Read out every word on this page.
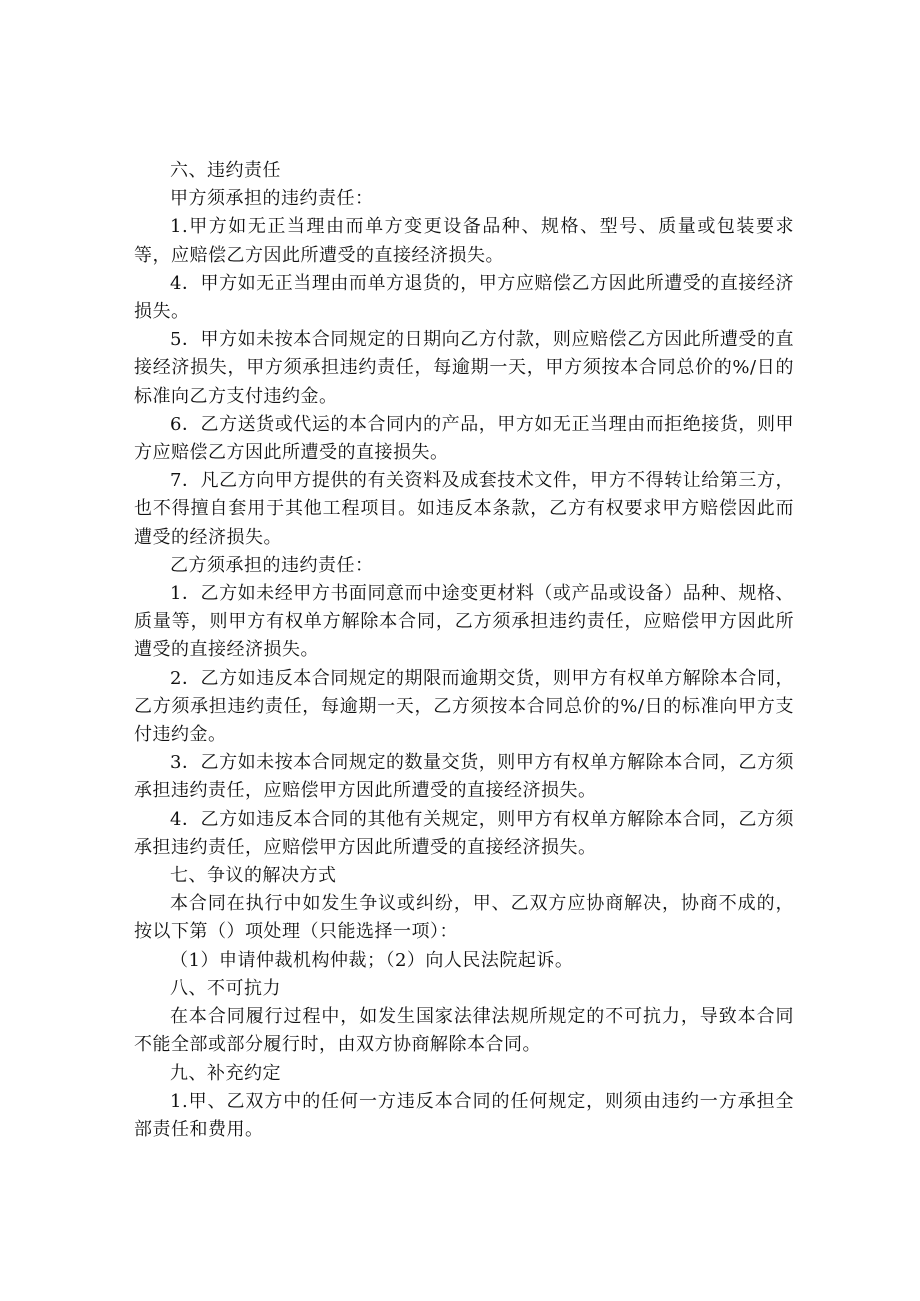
六、违约责任

甲方须承担的违约责任：

1.甲方如无正当理由而单方变更设备品种、规格、型号、质量或包装要求等，应赔偿乙方因此所遭受的直接经济损失。

4．甲方如无正当理由而单方退货的，甲方应赔偿乙方因此所遭受的直接经济损失。

5．甲方如未按本合同规定的日期向乙方付款，则应赔偿乙方因此所遭受的直接经济损失，甲方须承担违约责任，每逾期一天，甲方须按本合同总价的%/日的标准向乙方支付违约金。

6．乙方送货或代运的本合同内的产品，甲方如无正当理由而拒绝接货，则甲方应赔偿乙方因此所遭受的直接损失。

7．凡乙方向甲方提供的有关资料及成套技术文件，甲方不得转让给第三方，也不得擅自套用于其他工程项目。如违反本条款，乙方有权要求甲方赔偿因此而遭受的经济损失。

乙方须承担的违约责任：

1．乙方如未经甲方书面同意而中途变更材料（或产品或设备）品种、规格、质量等，则甲方有权单方解除本合同，乙方须承担违约责任，应赔偿甲方因此所遭受的直接经济损失。

2．乙方如违反本合同规定的期限而逾期交货，则甲方有权单方解除本合同，乙方须承担违约责任，每逾期一天，乙方须按本合同总价的%/日的标准向甲方支付违约金。

3．乙方如未按本合同规定的数量交货，则甲方有权单方解除本合同，乙方须承担违约责任，应赔偿甲方因此所遭受的直接经济损失。

4．乙方如违反本合同的其他有关规定，则甲方有权单方解除本合同，乙方须承担违约责任，应赔偿甲方因此所遭受的直接经济损失。

七、争议的解决方式

本合同在执行中如发生争议或纠纷，甲、乙双方应协商解决，协商不成的，按以下第（）项处理（只能选择一项）：

（1）申请仲裁机构仲裁；（2）向人民法院起诉。

八、不可抗力

在本合同履行过程中，如发生国家法律法规所规定的不可抗力，导致本合同不能全部或部分履行时，由双方协商解除本合同。

九、补充约定

1.甲、乙双方中的任何一方违反本合同的任何规定，则须由违约一方承担全部责任和费用。
